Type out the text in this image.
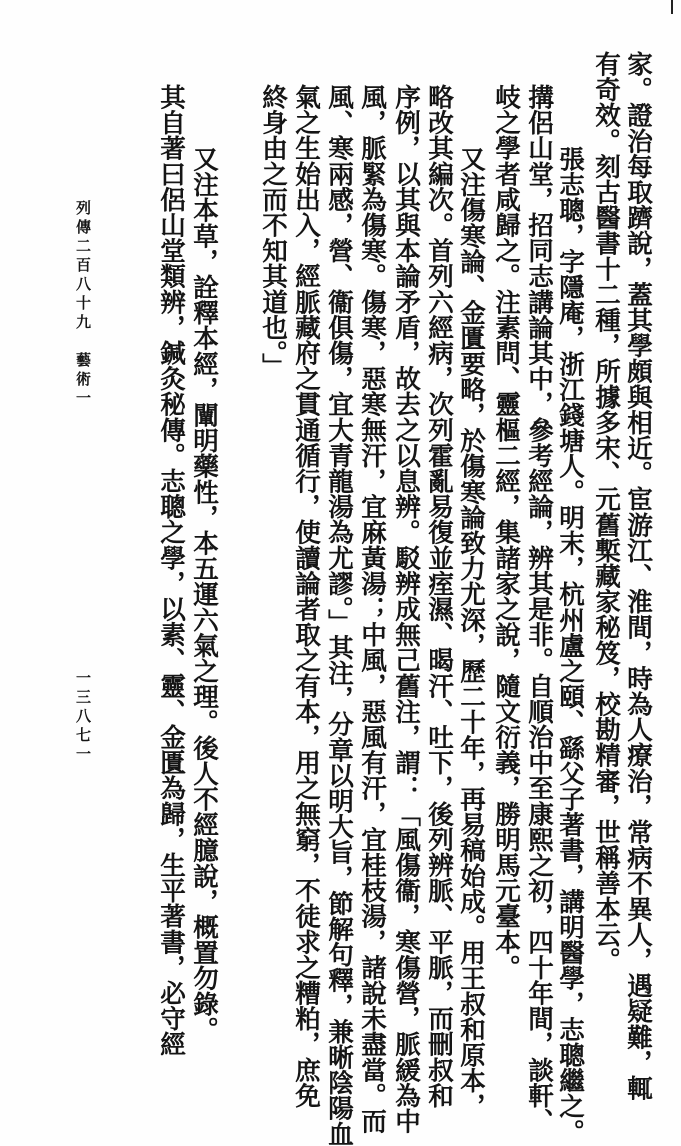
家。證治每取躋說，蓋其學頗與相近。宦游江、淮間，時為人療治，常病不異人，遇疑難，輒
有奇效。刻古醫書十二種，所據多宋、元舊槧藏家秘笈，校勘精審，世稱善本云。
張志聰，字隱庵，浙江錢塘人。明末，杭州盧之頤、繇父子著書，講明醫學，志聰繼之。
搆侶山堂，招同志講論其中，參考經論，辨其是非。自順治中至康熙之初，四十年間，談軒、
岐之學者咸歸之。注素問、靈樞二經，集諸家之說，隨文衍義，勝明馬元臺本。
又注傷寒論、金匱要略，於傷寒論致力尤深，歷二十年，再易稿始成。用王叔和原本，
略改其編次。首列六經病，次列霍亂易復並痓濕、暍汗、吐下，後列辨脈、平脈，而刪叔和
序例，以其與本論矛盾，故去之以息辨。駁辨成無己舊注，謂：「風傷衞，寒傷營，脈緩為中
風，脈緊為傷寒。傷寒，惡寒無汗，宜麻黃湯；中風，惡風有汗，宜桂枝湯，諸說未盡當。而
風、寒兩感，營、衞俱傷，宜大青龍湯為尤謬。」其注，分章以明大旨，節解句釋，兼晰陰陽血
氣之生始出入，經脈藏府之貫通循行，使讀論者取之有本，用之無窮，不徒求之糟粕，庶免
終身由之而不知其道也。」
又注本草，詮釋本經，闡明藥性，本五運六氣之理。後人不經臆說，概置勿錄。
其自著曰侶山堂類辨，鍼灸秘傳。志聰之學，以素、靈、金匱為歸，生平著書，必守經
列傳二百八十九　藝術一
一三八七一
